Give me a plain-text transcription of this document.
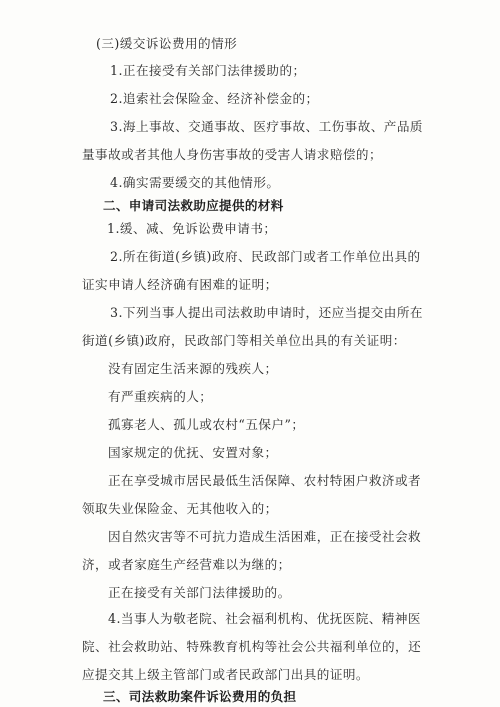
(三)缓交诉讼费用的情形
1.正在接受有关部门法律援助的；
2.追索社会保险金、经济补偿金的；
3.海上事故、交通事故、医疗事故、工伤事故、产品质
量事故或者其他人身伤害事故的受害人请求赔偿的；
4.确实需要缓交的其他情形。
二、申请司法救助应提供的材料
1.缓、减、免诉讼费申请书；
2.所在街道(乡镇)政府、民政部门或者工作单位出具的
证实申请人经济确有困难的证明；
3.下列当事人提出司法救助申请时，还应当提交由所在
街道(乡镇)政府，民政部门等相关单位出具的有关证明：
没有固定生活来源的残疾人；
有严重疾病的人；
孤寡老人、孤儿或农村“五保户”；
国家规定的优抚、安置对象；
正在享受城市居民最低生活保障、农村特困户救济或者
领取失业保险金、无其他收入的；
因自然灾害等不可抗力造成生活困难，正在接受社会救
济，或者家庭生产经营难以为继的；
正在接受有关部门法律援助的。
4.当事人为敬老院、社会福利机构、优抚医院、精神医
院、社会救助站、特殊教育机构等社会公共福利单位的，还
应提交其上级主管部门或者民政部门出具的证明。
三、司法救助案件诉讼费用的负担
